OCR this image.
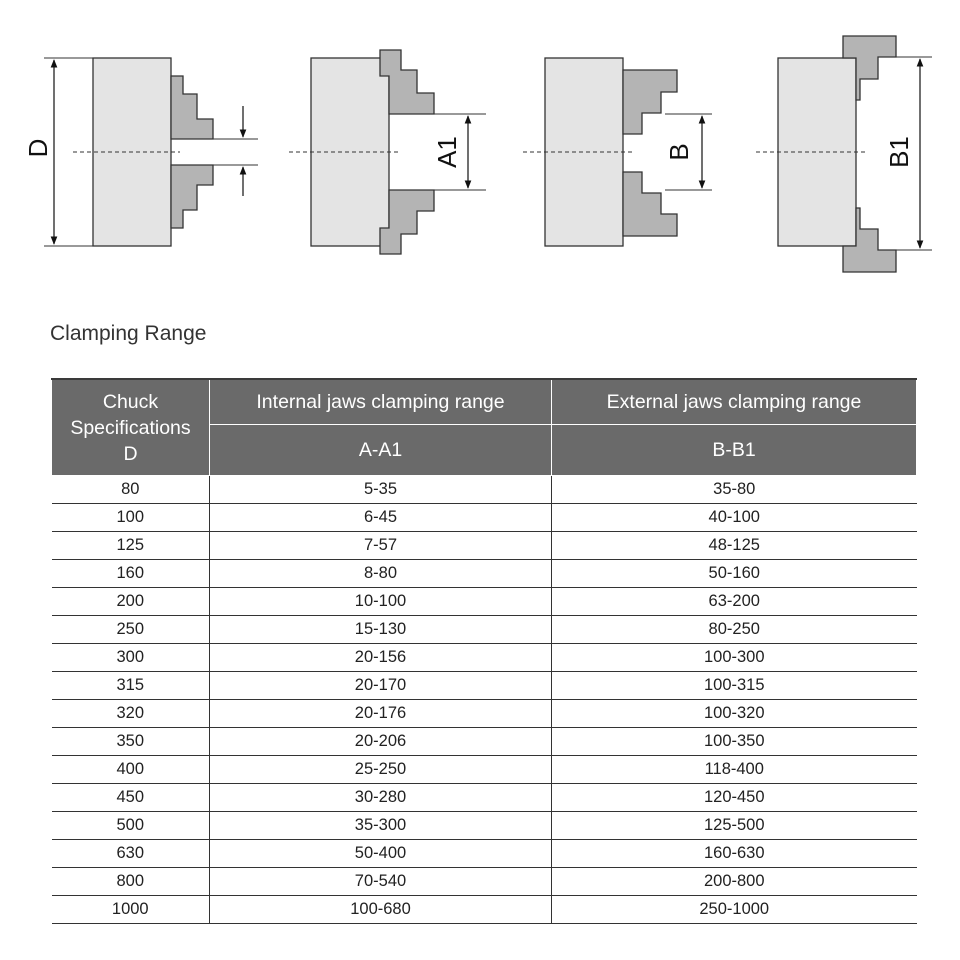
D	A1	B	B1
Clamping Range
Chuck
Specifications
D	Internal jaws clamping range	External jaws clamping range
	A-A1	B-B1
80	5-35	35-80
100	6-45	40-100
125	7-57	48-125
160	8-80	50-160
200	10-100	63-200
250	15-130	80-250
300	20-156	100-300
315	20-170	100-315
320	20-176	100-320
350	20-206	100-350
400	25-250	118-400
450	30-280	120-450
500	35-300	125-500
630	50-400	160-630
800	70-540	200-800
1000	100-680	250-1000
